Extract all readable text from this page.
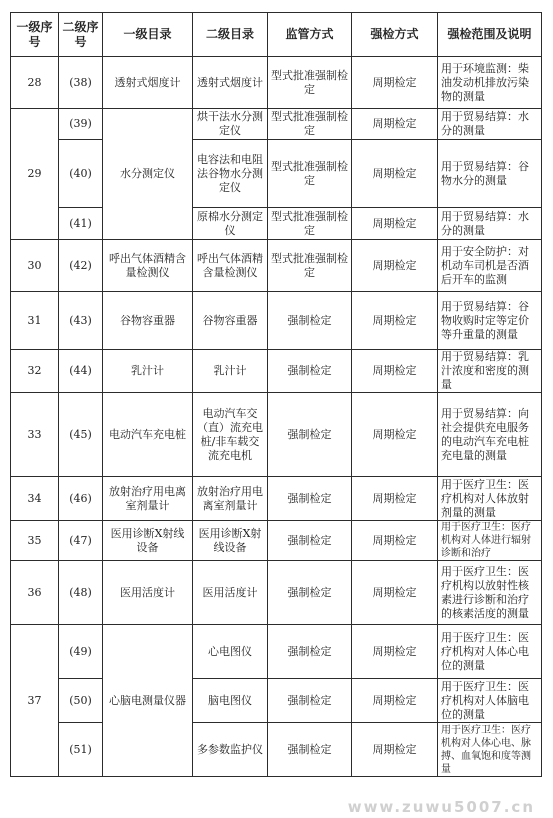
一级序号	二级序号	一级目录	二级目录	监管方式	强检方式	强检范围及说明
28	(38)	透射式烟度计	透射式烟度计	型式批准强制检定	周期检定	用于环境监测：柴油发动机排放污染物的测量
29	(39)	水分测定仪	烘干法水分测定仪	型式批准强制检定	周期检定	用于贸易结算：水分的测量
	(40)		电容法和电阻法谷物水分测定仪	型式批准强制检定	周期检定	用于贸易结算：谷物水分的测量
	(41)		原棉水分测定仪	型式批准强制检定	周期检定	用于贸易结算：水分的测量
30	(42)	呼出气体酒精含量检测仪	呼出气体酒精含量检测仪	型式批准强制检定	周期检定	用于安全防护：对机动车司机是否酒后开车的监测
31	(43)	谷物容重器	谷物容重器	强制检定	周期检定	用于贸易结算：谷物收购时定等定价等升重量的测量
32	(44)	乳汁计	乳汁计	强制检定	周期检定	用于贸易结算：乳汁浓度和密度的测量
33	(45)	电动汽车充电桩	电动汽车交（直）流充电桩/非车载交流充电机	强制检定	周期检定	用于贸易结算：向社会提供充电服务的电动汽车充电桩充电量的测量
34	(46)	放射治疗用电离室剂量计	放射治疗用电离室剂量计	强制检定	周期检定	用于医疗卫生：医疗机构对人体放射剂量的测量
35	(47)	医用诊断X射线设备	医用诊断X射线设备	强制检定	周期检定	用于医疗卫生：医疗机构对人体进行辐射诊断和治疗
36	(48)	医用活度计	医用活度计	强制检定	周期检定	用于医疗卫生：医疗机构以放射性核素进行诊断和治疗的核素活度的测量
37	(49)	心脑电测量仪器	心电图仪	强制检定	周期检定	用于医疗卫生：医疗机构对人体心电位的测量
	(50)		脑电图仪	强制检定	周期检定	用于医疗卫生：医疗机构对人体脑电位的测量
	(51)		多参数监护仪	强制检定	周期检定	用于医疗卫生：医疗机构对人体心电、脉搏、血氧饱和度等测量
www.zuwu5007.cn
